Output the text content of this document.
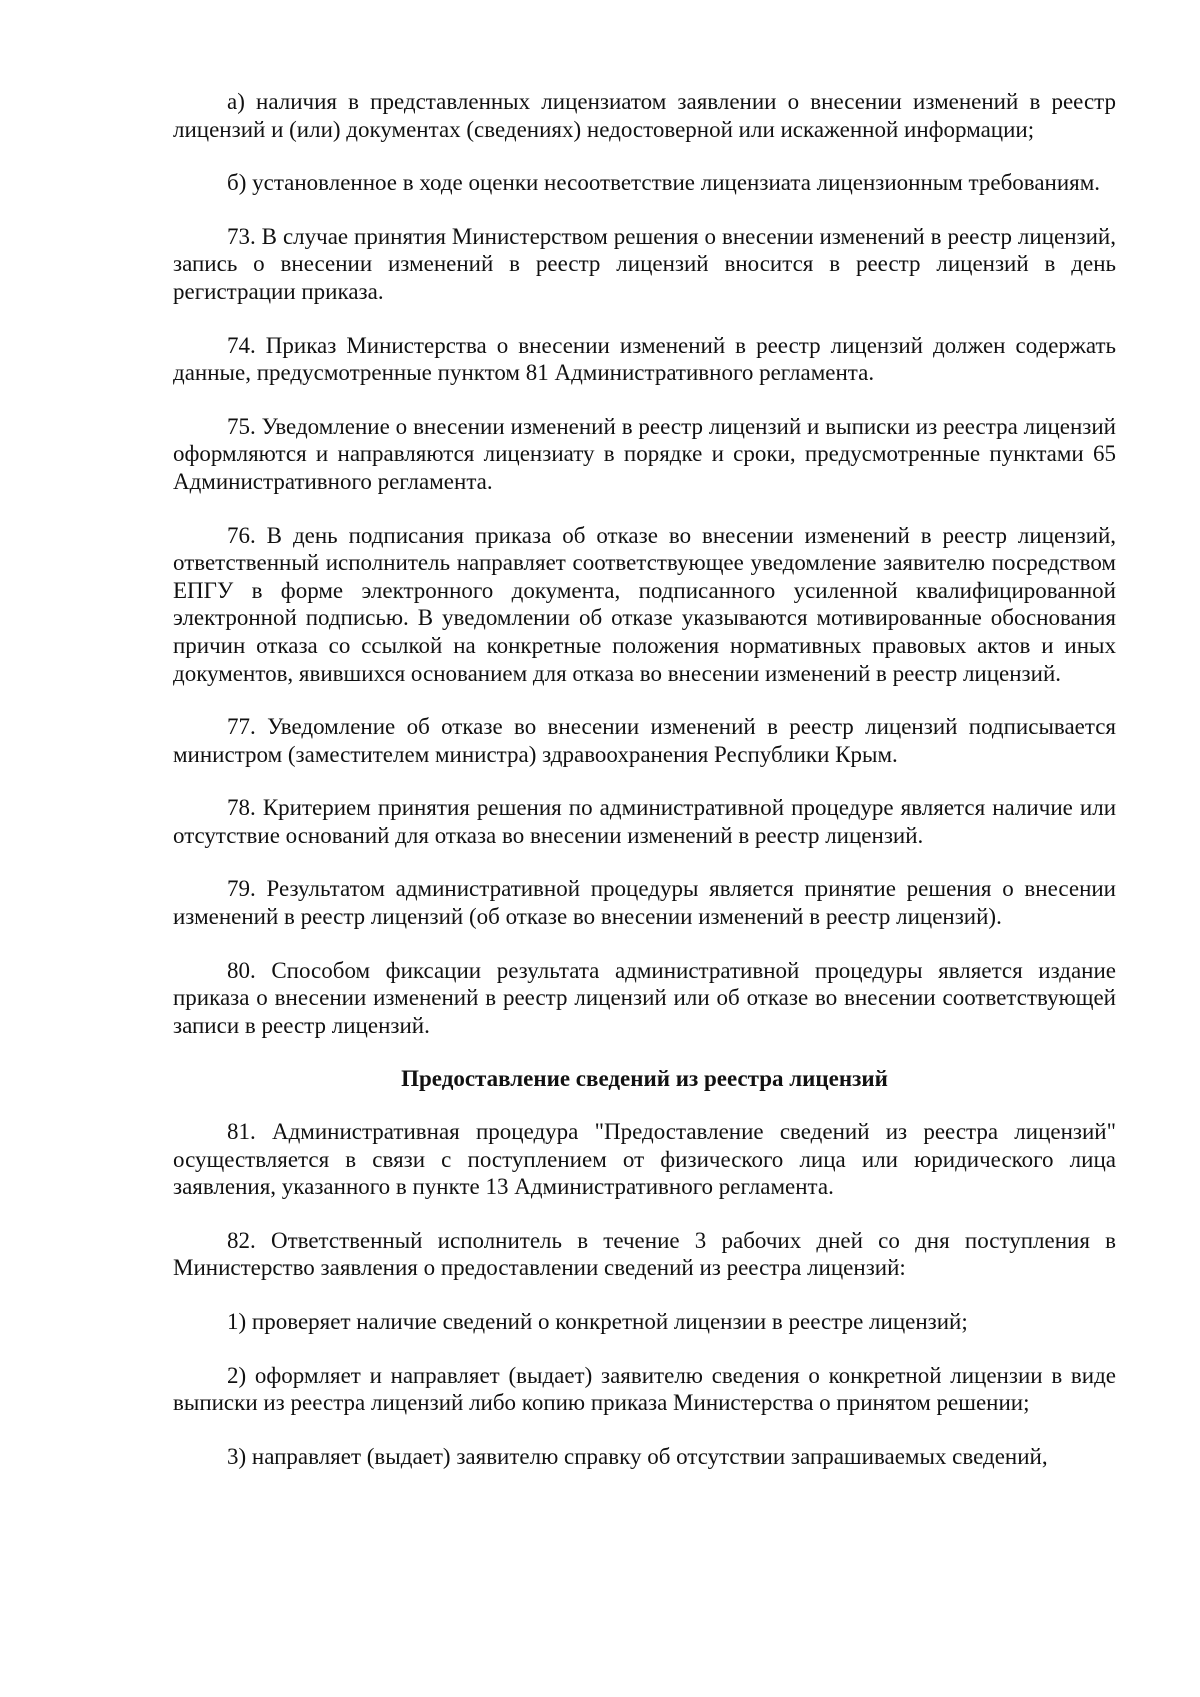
а) наличия в представленных лицензиатом заявлении о внесении изменений в реестр лицензий и (или) документах (сведениях) недостоверной или искаженной информации;

б) установленное в ходе оценки несоответствие лицензиата лицензионным требованиям.

73. В случае принятия Министерством решения о внесении изменений в реестр лицензий, запись о внесении изменений в реестр лицензий вносится в реестр лицензий в день регистрации приказа.

74. Приказ Министерства о внесении изменений в реестр лицензий должен содержать данные, предусмотренные пунктом 81 Административного регламента.

75. Уведомление о внесении изменений в реестр лицензий и выписки из реестра лицензий оформляются и направляются лицензиату в порядке и сроки, предусмотренные пунктами 65 Административного регламента.

76. В день подписания приказа об отказе во внесении изменений в реестр лицензий, ответственный исполнитель направляет соответствующее уведомление заявителю посредством ЕПГУ в форме электронного документа, подписанного усиленной квалифицированной электронной подписью. В уведомлении об отказе указываются мотивированные обоснования причин отказа со ссылкой на конкретные положения нормативных правовых актов и иных документов, явившихся основанием для отказа во внесении изменений в реестр лицензий.

77. Уведомление об отказе во внесении изменений в реестр лицензий подписывается министром (заместителем министра) здравоохранения Республики Крым.

78. Критерием принятия решения по административной процедуре является наличие или отсутствие оснований для отказа во внесении изменений в реестр лицензий.

79. Результатом административной процедуры является принятие решения о внесении изменений в реестр лицензий (об отказе во внесении изменений в реестр лицензий).

80. Способом фиксации результата административной процедуры является издание приказа о внесении изменений в реестр лицензий или об отказе во внесении соответствующей записи в реестр лицензий.

Предоставление сведений из реестра лицензий

81. Административная процедура "Предоставление сведений из реестра лицензий" осуществляется в связи с поступлением от физического лица или юридического лица заявления, указанного в пункте 13 Административного регламента.

82. Ответственный исполнитель в течение 3 рабочих дней со дня поступления в Министерство заявления о предоставлении сведений из реестра лицензий:

1) проверяет наличие сведений о конкретной лицензии в реестре лицензий;

2) оформляет и направляет (выдает) заявителю сведения о конкретной лицензии в виде выписки из реестра лицензий либо копию приказа Министерства о принятом решении;

3) направляет (выдает) заявителю справку об отсутствии запрашиваемых сведений,
